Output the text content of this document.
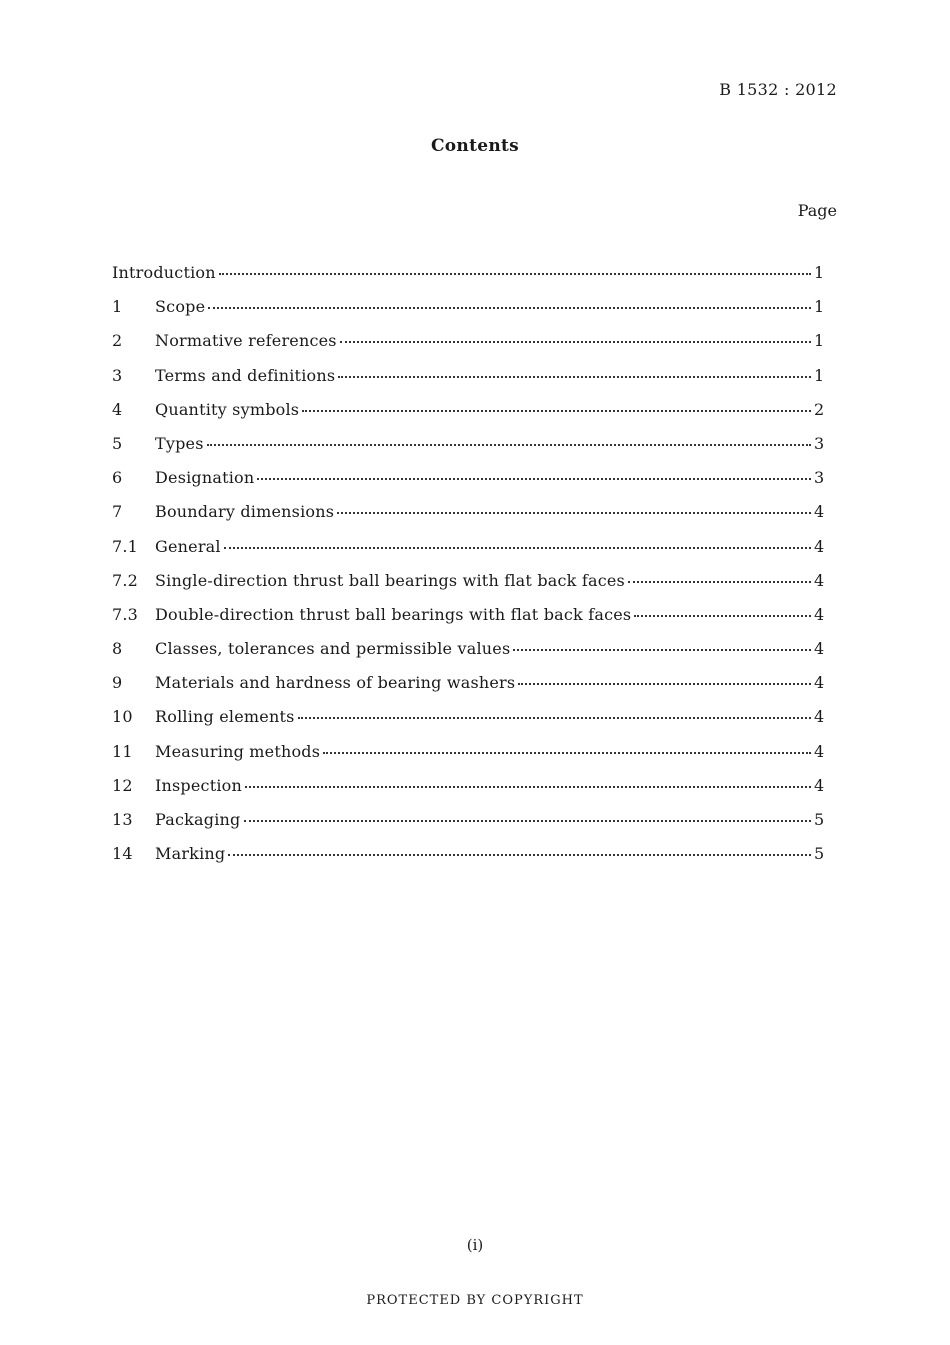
B 1532 : 2012
Contents
Page
Introduction	1
1	Scope	1
2	Normative references	1
3	Terms and definitions	1
4	Quantity symbols	2
5	Types	3
6	Designation	3
7	Boundary dimensions	4
7.1	General	4
7.2	Single-direction thrust ball bearings with flat back faces	4
7.3	Double-direction thrust ball bearings with flat back faces	4
8	Classes, tolerances and permissible values	4
9	Materials and hardness of bearing washers	4
10	Rolling elements	4
11	Measuring methods	4
12	Inspection	4
13	Packaging	5
14	Marking	5
(i)
PROTECTED BY COPYRIGHT
